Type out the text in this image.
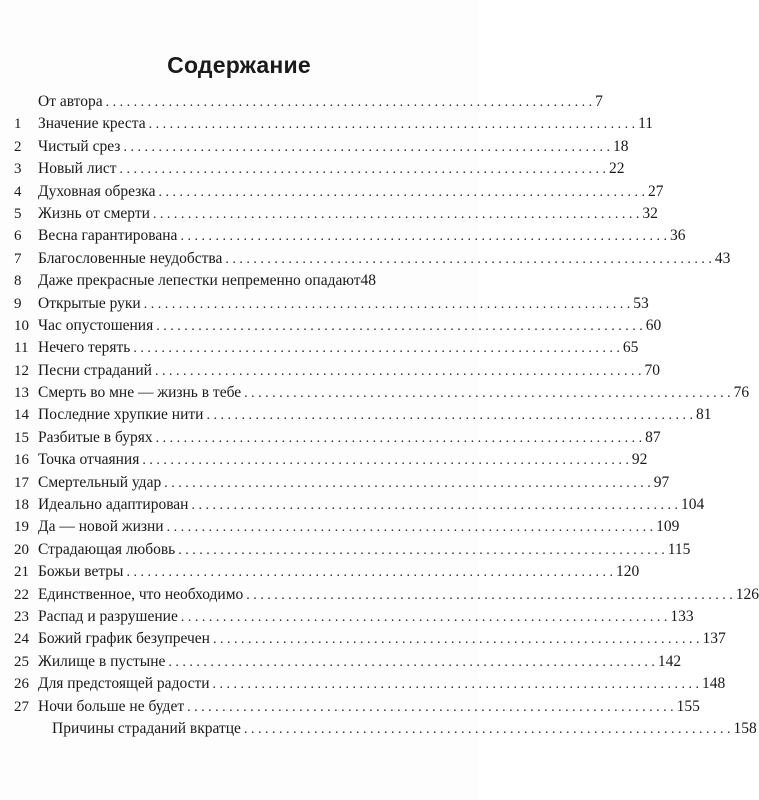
Содержание
От автора . . .	7
1	Значение креста . . .	11
2	Чистый срез . . .	18
3	Новый лист . . .	22
4	Духовная обрезка . . .	27
5	Жизнь от смерти . . .	32
6	Весна гарантирована . . .	36
7	Благословенные неудобства . . .	43
8	Даже прекрасные лепестки непременно опадают 48
9	Открытые руки . . .	53
10 Час опустошения . . .	60
11 Нечего терять . . .	65
12 Песни страданий . . .	70
13 Смерть во мне — жизнь в тебе . . .	76
14 Последние хрупкие нити . . .	81
15 Разбитые в бурях . . .	87
16 Точка отчаяния . . .	92
17 Смертельный удар . . .	97
18 Идеально адаптирован . . .	104
19 Да — новой жизни . . .	109
20 Страдающая любовь . . .	115
21 Божьи ветры . . .	120
22 Единственное, что необходимо . . .	126
23 Распад и разрушение . . .	133
24 Божий график безупречен . . .	137
25 Жилище в пустыне . . .	142
26 Для предстоящей радости . . .	148
27 Ночи больше не будет . . .	155
Причины страданий вкратце . . .	158
